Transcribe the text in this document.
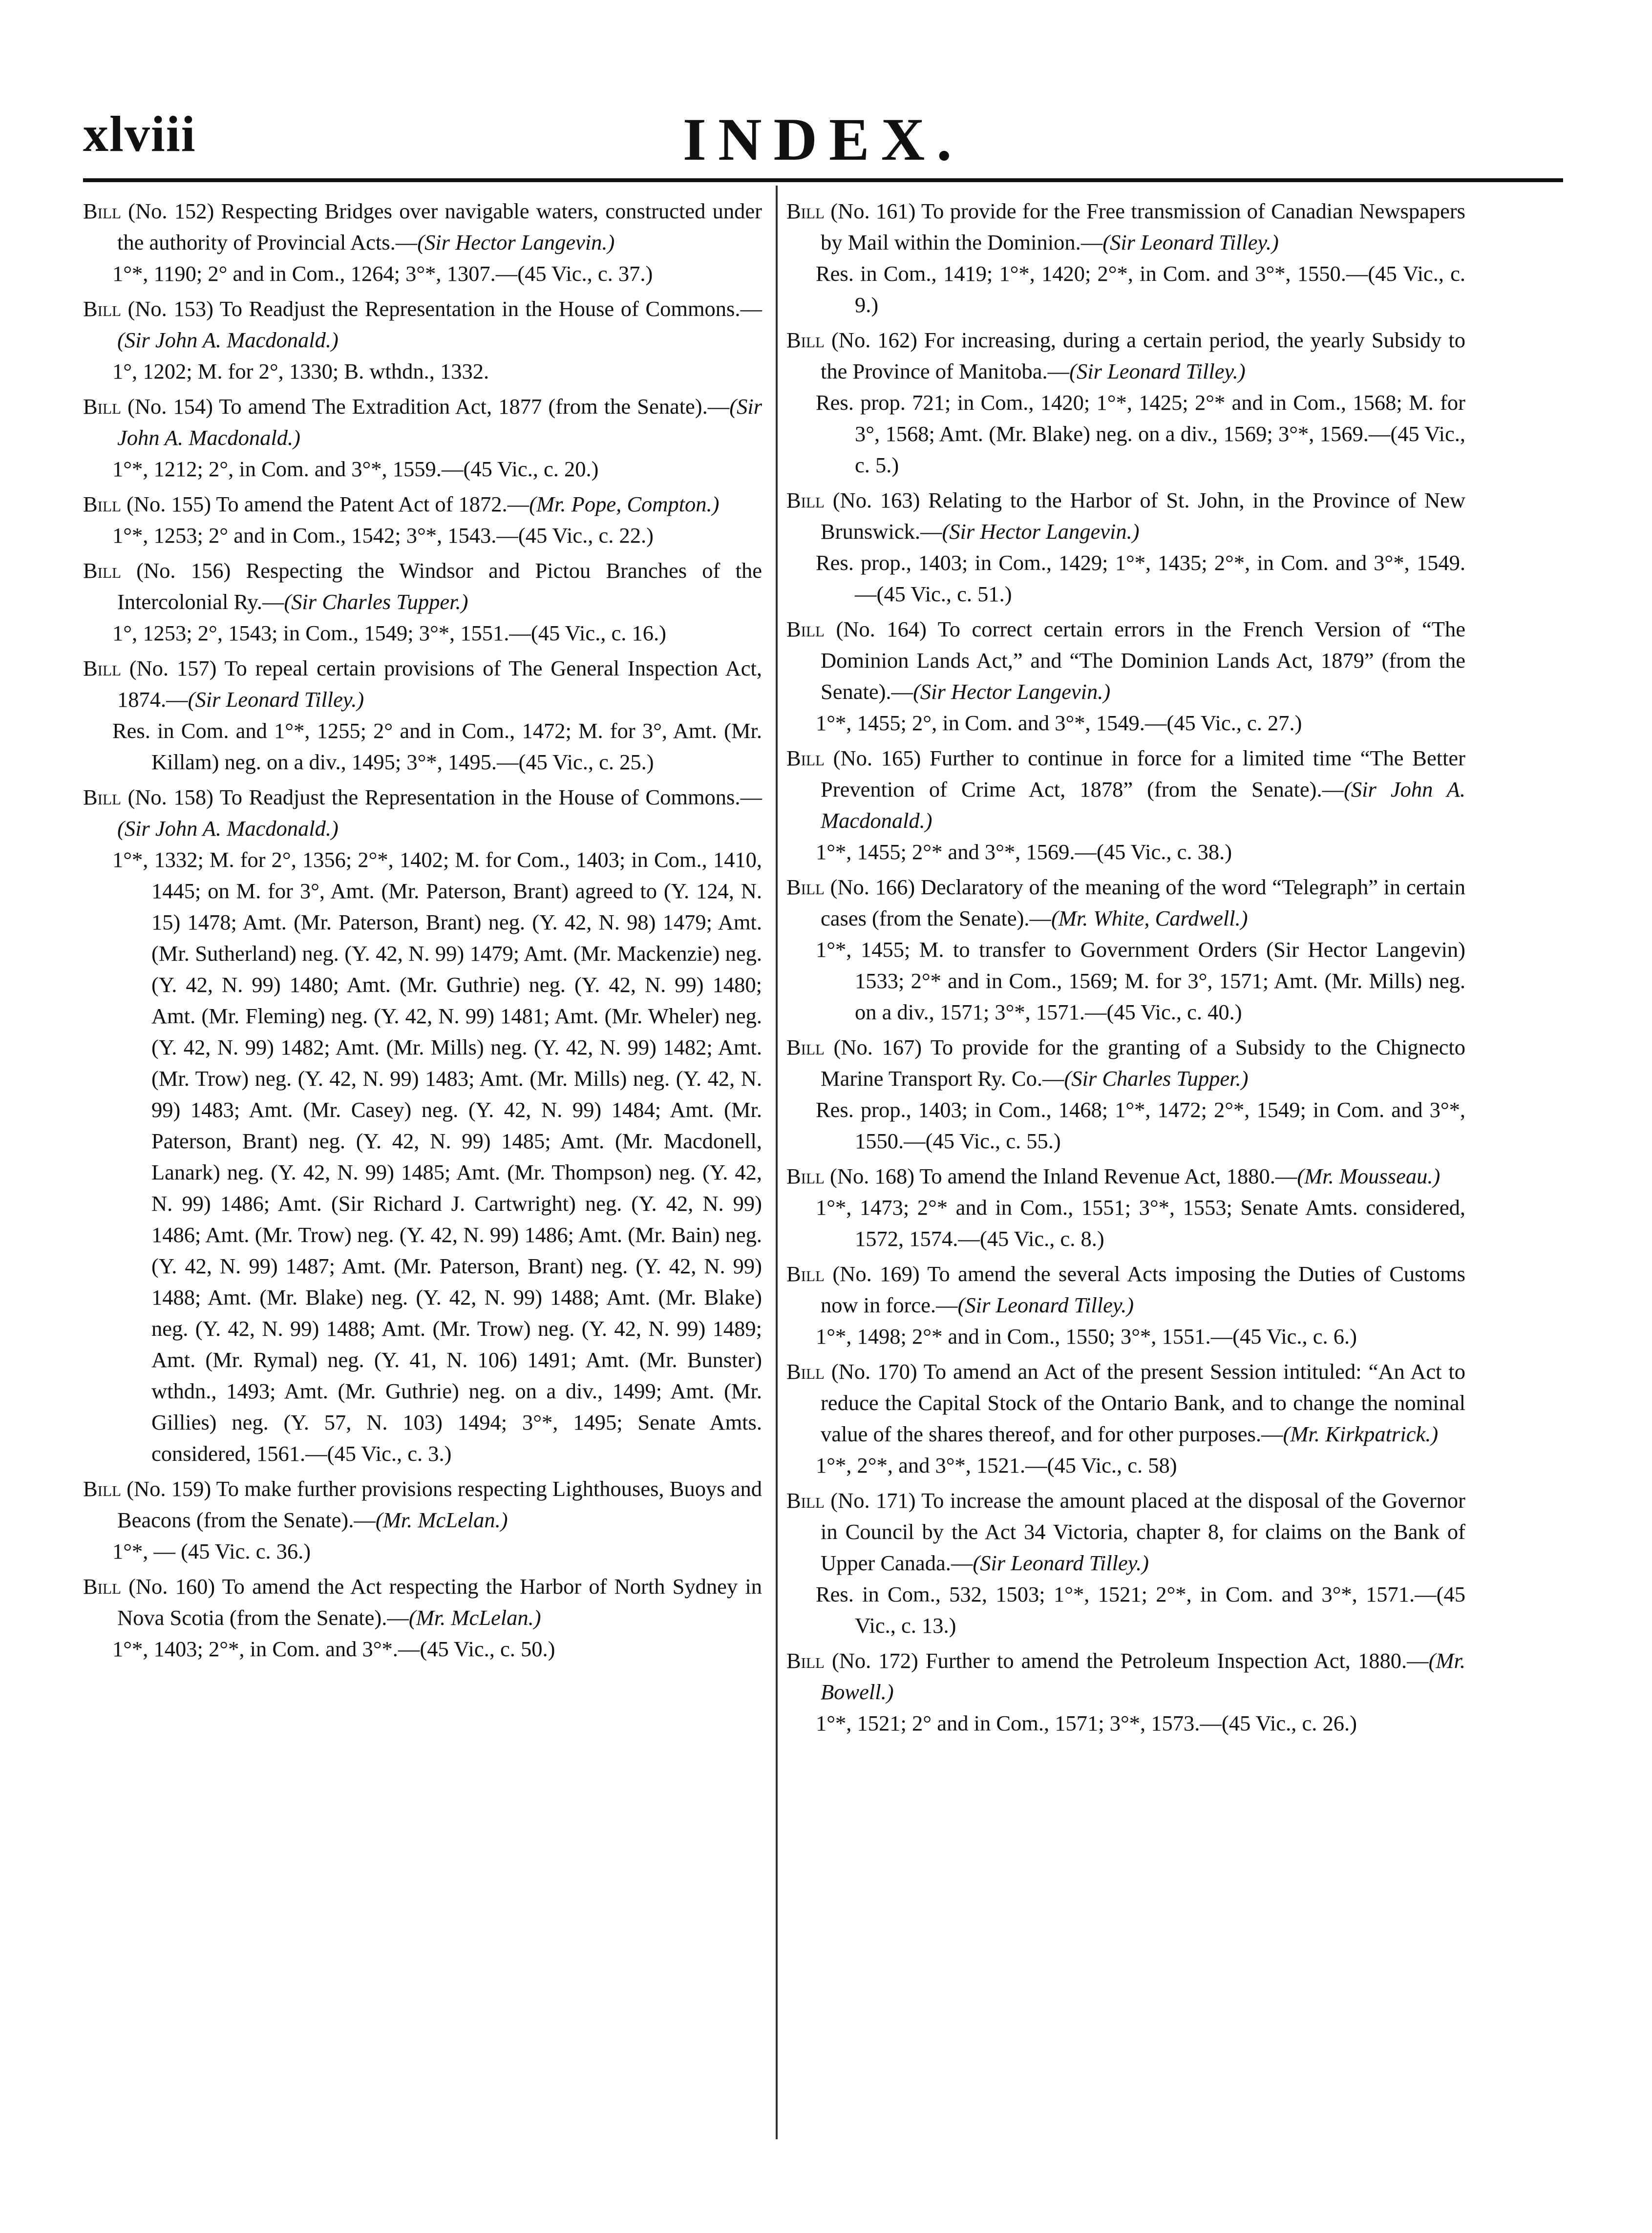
xlviii	INDEX.
Bill (No. 152) Respecting Bridges over navigable waters, constructed under the authority of Provincial Acts.—(Sir Hector Langevin.)
1°*, 1190; 2° and in Com., 1264; 3°*, 1307.—(45 Vic., c. 37.)
Bill (No. 153) To Readjust the Representation in the House of Commons.—(Sir John A. Macdonald.)
1°, 1202; M. for 2°, 1330; B. wthdn., 1332.
Bill (No. 154) To amend The Extradition Act, 1877 (from the Senate).—(Sir John A. Macdonald.)
1°*, 1212; 2°, in Com. and 3°*, 1559.—(45 Vic., c. 20.)
Bill (No. 155) To amend the Patent Act of 1872.—(Mr. Pope, Compton.)
1°*, 1253; 2° and in Com., 1542; 3°*, 1543.—(45 Vic., c. 22.)
Bill (No. 156) Respecting the Windsor and Pictou Branches of the Intercolonial Ry.—(Sir Charles Tupper.)
1°, 1253; 2°, 1543; in Com., 1549; 3°*, 1551.—(45 Vic., c. 16.)
Bill (No. 157) To repeal certain provisions of The General Inspection Act, 1874.—(Sir Leonard Tilley.)
Res. in Com. and 1°*, 1255; 2° and in Com., 1472; M. for 3°, Amt. (Mr. Killam) neg. on a div., 1495; 3°*, 1495.—(45 Vic., c. 25.)
Bill (No. 158) To Readjust the Representation in the House of Commons.—(Sir John A. Macdonald.)
1°*, 1332; M. for 2°, 1356; 2°*, 1402; M. for Com., 1403; in Com., 1410, 1445; on M. for 3°, Amt. (Mr. Paterson, Brant) agreed to (Y. 124, N. 15) 1478; Amt. (Mr. Paterson, Brant) neg. (Y. 42, N. 98) 1479; Amt. (Mr. Sutherland) neg. (Y. 42, N. 99) 1479; Amt. (Mr. Mackenzie) neg. (Y. 42, N. 99) 1480; Amt. (Mr. Guthrie) neg. (Y. 42, N. 99) 1480; Amt. (Mr. Fleming) neg. (Y. 42, N. 99) 1481; Amt. (Mr. Wheler) neg. (Y. 42, N. 99) 1482; Amt. (Mr. Mills) neg. (Y. 42, N. 99) 1482; Amt. (Mr. Trow) neg. (Y. 42, N. 99) 1483; Amt. (Mr. Mills) neg. (Y. 42, N. 99) 1483; Amt. (Mr. Casey) neg. (Y. 42, N. 99) 1484; Amt. (Mr. Paterson, Brant) neg. (Y. 42, N. 99) 1485; Amt. (Mr. Macdonell, Lanark) neg. (Y. 42, N. 99) 1485; Amt. (Mr. Thompson) neg. (Y. 42, N. 99) 1486; Amt. (Sir Richard J. Cartwright) neg. (Y. 42, N. 99) 1486; Amt. (Mr. Trow) neg. (Y. 42, N. 99) 1486; Amt. (Mr. Bain) neg. (Y. 42, N. 99) 1487; Amt. (Mr. Paterson, Brant) neg. (Y. 42, N. 99) 1488; Amt. (Mr. Blake) neg. (Y. 42, N. 99) 1488; Amt. (Mr. Blake) neg. (Y. 42, N. 99) 1488; Amt. (Mr. Trow) neg. (Y. 42, N. 99) 1489; Amt. (Mr. Rymal) neg. (Y. 41, N. 106) 1491; Amt. (Mr. Bunster) wthdn., 1493; Amt. (Mr. Guthrie) neg. on a div., 1499; Amt. (Mr. Gillies) neg. (Y. 57, N. 103) 1494; 3°*, 1495; Senate Amts. considered, 1561.—(45 Vic., c. 3.)
Bill (No. 159) To make further provisions respecting Lighthouses, Buoys and Beacons (from the Senate).—(Mr. McLelan.)
1°*, — (45 Vic. c. 36.)
Bill (No. 160) To amend the Act respecting the Harbor of North Sydney in Nova Scotia (from the Senate).—(Mr. McLelan.)
1°*, 1403; 2°*, in Com. and 3°*.—(45 Vic., c. 50.)
Bill (No. 161) To provide for the Free transmission of Canadian Newspapers by Mail within the Dominion.—(Sir Leonard Tilley.)
Res. in Com., 1419; 1°*, 1420; 2°*, in Com. and 3°*, 1550.—(45 Vic., c. 9.)
Bill (No. 162) For increasing, during a certain period, the yearly Subsidy to the Province of Manitoba.—(Sir Leonard Tilley.)
Res. prop. 721; in Com., 1420; 1°*, 1425; 2°* and in Com., 1568; M. for 3°, 1568; Amt. (Mr. Blake) neg. on a div., 1569; 3°*, 1569.—(45 Vic., c. 5.)
Bill (No. 163) Relating to the Harbor of St. John, in the Province of New Brunswick.—(Sir Hector Langevin.)
Res. prop., 1403; in Com., 1429; 1°*, 1435; 2°*, in Com. and 3°*, 1549.—(45 Vic., c. 51.)
Bill (No. 164) To correct certain errors in the French Version of “The Dominion Lands Act,” and “The Dominion Lands Act, 1879” (from the Senate).—(Sir Hector Langevin.)
1°*, 1455; 2°, in Com. and 3°*, 1549.—(45 Vic., c. 27.)
Bill (No. 165) Further to continue in force for a limited time “The Better Prevention of Crime Act, 1878” (from the Senate).—(Sir John A. Macdonald.)
1°*, 1455; 2°* and 3°*, 1569.—(45 Vic., c. 38.)
Bill (No. 166) Declaratory of the meaning of the word “Telegraph” in certain cases (from the Senate).—(Mr. White, Cardwell.)
1°*, 1455; M. to transfer to Government Orders (Sir Hector Langevin) 1533; 2°* and in Com., 1569; M. for 3°, 1571; Amt. (Mr. Mills) neg. on a div., 1571; 3°*, 1571.—(45 Vic., c. 40.)
Bill (No. 167) To provide for the granting of a Subsidy to the Chignecto Marine Transport Ry. Co.—(Sir Charles Tupper.)
Res. prop., 1403; in Com., 1468; 1°*, 1472; 2°*, 1549; in Com. and 3°*, 1550.—(45 Vic., c. 55.)
Bill (No. 168) To amend the Inland Revenue Act, 1880.—(Mr. Mousseau.)
1°*, 1473; 2°* and in Com., 1551; 3°*, 1553; Senate Amts. considered, 1572, 1574.—(45 Vic., c. 8.)
Bill (No. 169) To amend the several Acts imposing the Duties of Customs now in force.—(Sir Leonard Tilley.)
1°*, 1498; 2°* and in Com., 1550; 3°*, 1551.—(45 Vic., c. 6.)
Bill (No. 170) To amend an Act of the present Session intituled: “An Act to reduce the Capital Stock of the Ontario Bank, and to change the nominal value of the shares thereof, and for other purposes.—(Mr. Kirkpatrick.)
1°*, 2°*, and 3°*, 1521.—(45 Vic., c. 58)
Bill (No. 171) To increase the amount placed at the disposal of the Governor in Council by the Act 34 Victoria, chapter 8, for claims on the Bank of Upper Canada.—(Sir Leonard Tilley.)
Res. in Com., 532, 1503; 1°*, 1521; 2°*, in Com. and 3°*, 1571.—(45 Vic., c. 13.)
Bill (No. 172) Further to amend the Petroleum Inspection Act, 1880.—(Mr. Bowell.)
1°*, 1521; 2° and in Com., 1571; 3°*, 1573.—(45 Vic., c. 26.)
